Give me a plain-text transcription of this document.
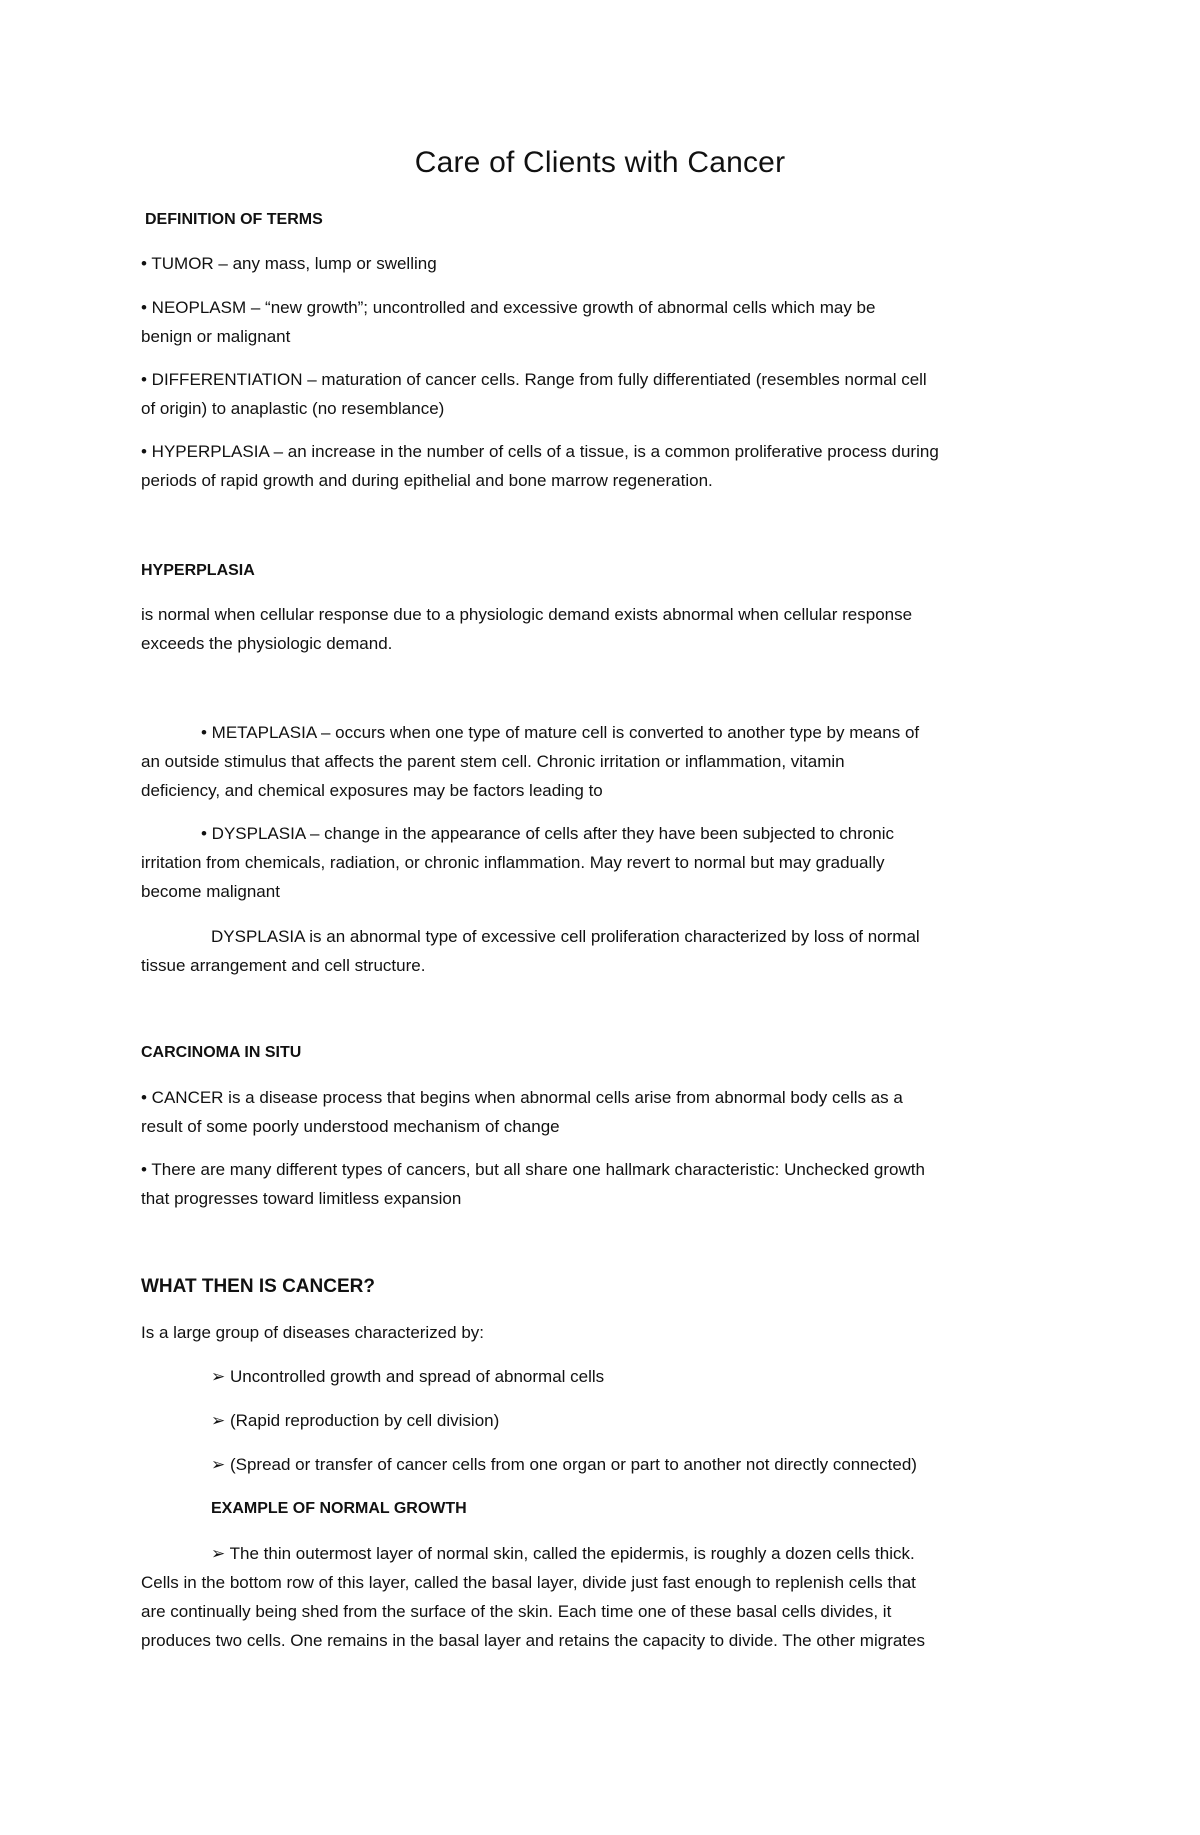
Care of Clients with Cancer
DEFINITION OF TERMS
• TUMOR – any mass, lump or swelling
• NEOPLASM – “new growth”; uncontrolled and excessive growth of abnormal cells which may be
benign or malignant
• DIFFERENTIATION – maturation of cancer cells. Range from fully differentiated (resembles normal cell
of origin) to anaplastic (no resemblance)
• HYPERPLASIA – an increase in the number of cells of a tissue, is a common proliferative process during
periods of rapid growth and during epithelial and bone marrow regeneration.
HYPERPLASIA
is normal when cellular response due to a physiologic demand exists abnormal when cellular response
exceeds the physiologic demand.
• METAPLASIA – occurs when one type of mature cell is converted to another type by means of
an outside stimulus that affects the parent stem cell. Chronic irritation or inflammation, vitamin
deficiency, and chemical exposures may be factors leading to
• DYSPLASIA – change in the appearance of cells after they have been subjected to chronic
irritation from chemicals, radiation, or chronic inflammation. May revert to normal but may gradually
become malignant
DYSPLASIA is an abnormal type of excessive cell proliferation characterized by loss of normal
tissue arrangement and cell structure.
CARCINOMA IN SITU
• CANCER is a disease process that begins when abnormal cells arise from abnormal body cells as a
result of some poorly understood mechanism of change
• There are many different types of cancers, but all share one hallmark characteristic: Unchecked growth
that progresses toward limitless expansion
WHAT THEN IS CANCER?
Is a large group of diseases characterized by:
➢ Uncontrolled growth and spread of abnormal cells
➢ (Rapid reproduction by cell division)
➢ (Spread or transfer of cancer cells from one organ or part to another not directly connected)
EXAMPLE OF NORMAL GROWTH
➢ The thin outermost layer of normal skin, called the epidermis, is roughly a dozen cells thick.
Cells in the bottom row of this layer, called the basal layer, divide just fast enough to replenish cells that
are continually being shed from the surface of the skin. Each time one of these basal cells divides, it
produces two cells. One remains in the basal layer and retains the capacity to divide. The other migrates
